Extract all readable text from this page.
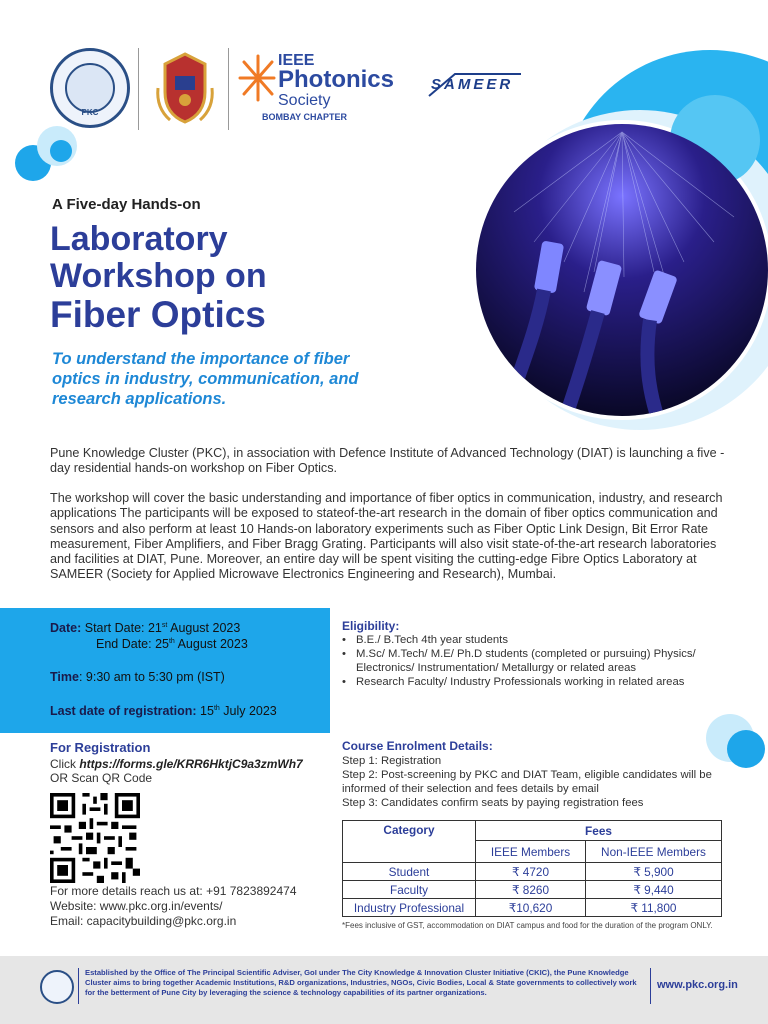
PKC
IEEE
Photonics
Society
BOMBAY CHAPTER
SAMEER
A Five-day Hands-on
Laboratory
Workshop on
Fiber Optics
To understand the importance of fiber optics in industry, communication, and research applications.
Pune Knowledge Cluster (PKC), in association with Defence Institute of Advanced Technology (DIAT) is launching a five - day residential hands-on workshop on Fiber Optics.
The workshop will cover the basic understanding and importance of fiber optics in communication, industry, and research applications The participants will be exposed to stateof-the-art research in the domain of fiber optics communication and sensors and also perform at least 10 Hands-on laboratory experiments such as Fiber Optic Link Design, Bit Error Rate measurement, Fiber Amplifiers, and Fiber Bragg Grating. Participants will also visit state-of-the-art research laboratories and facilities at DIAT, Pune. Moreover, an entire day will be spent visiting the cutting-edge Fibre Optics Laboratory at SAMEER (Society for Applied Microwave Electronics Engineering and Research), Mumbai.
Date: Start Date: 21st August 2023
End Date: 25th August 2023
Time: 9:30 am to 5:30 pm (IST)
Last date of registration: 15th July 2023
Eligibility:
• B.E./ B.Tech 4th year students
• M.Sc/ M.Tech/ M.E/ Ph.D students (completed or pursuing) Physics/ Electronics/ Instrumentation/ Metallurgy or related areas
• Research Faculty/ Industry Professionals working in related areas
Course Enrolment Details:
Step 1: Registration
Step 2: Post-screening by PKC and DIAT Team, eligible candidates will be informed of their selection and fees details by email
Step 3: Candidates confirm seats by paying registration fees
Category	Fees	
	IEEE Members	Non-IEEE Members
Student	₹ 4720	₹ 5,900
Faculty	₹ 8260	₹ 9,440
Industry Professional	₹10,620	₹ 11,800
*Fees inclusive of GST, accommodation on DIAT campus and food for the duration of the program ONLY.
For Registration
Click https://forms.gle/KRR6HktjC9a3zmWh7
OR Scan QR Code
For more details reach us at: +91 7823892474
Website: www.pkc.org.in/events/
Email: capacitybuilding@pkc.org.in
Established by the Office of The Principal Scientific Adviser, GoI under The City Knowledge & Innovation Cluster Initiative (CKIC), the Pune Knowledge Cluster aims to bring together Academic Institutions, R&D organizations, Industries, NGOs, Civic Bodies, Local & State governments to collectively work for the betterment of Pune City by leveraging the science & technology capabilities of its partner organizations.
www.pkc.org.in
